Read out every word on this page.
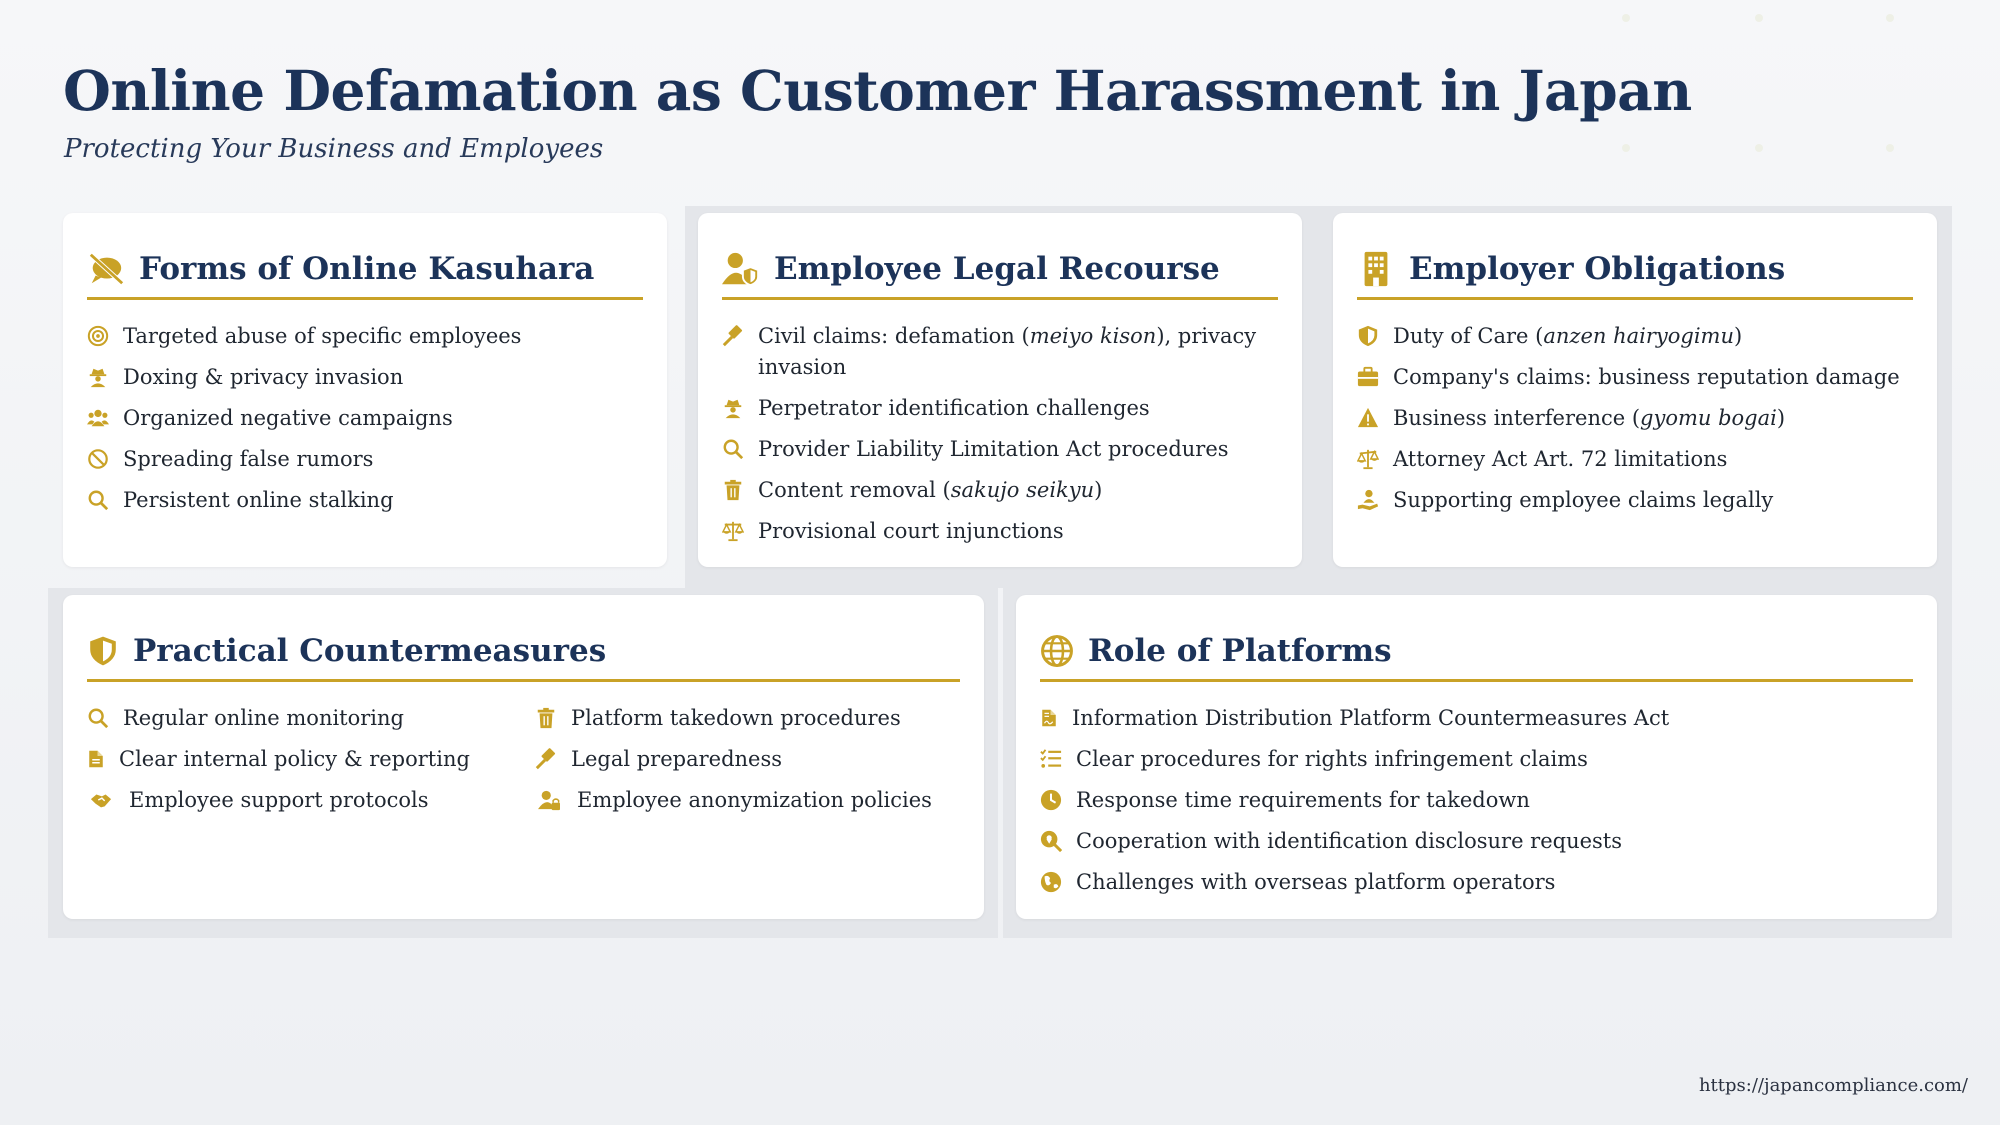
Online Defamation as Customer Harassment in Japan

Protecting Your Business and Employees

Forms of Online Kasuhara
Targeted abuse of specific employees
Doxing & privacy invasion
Organized negative campaigns
Spreading false rumors
Persistent online stalking
Employee Legal Recourse
Civil claims: defamation (meiyo kison), privacy invasion
Perpetrator identification challenges
Provider Liability Limitation Act procedures
Content removal (sakujo seikyu)
Provisional court injunctions
Employer Obligations
Duty of Care (anzen hairyogimu)
Company's claims: business reputation damage
Business interference (gyomu bogai)
Attorney Act Art. 72 limitations
Supporting employee claims legally
Practical Countermeasures
Regular online monitoring
Clear internal policy & reporting
Employee support protocols
Platform takedown procedures
Legal preparedness
Employee anonymization policies
Role of Platforms
Information Distribution Platform Countermeasures Act
Clear procedures for rights infringement claims
Response time requirements for takedown
Cooperation with identification disclosure requests
Challenges with overseas platform operators
https://japancompliance.com/
